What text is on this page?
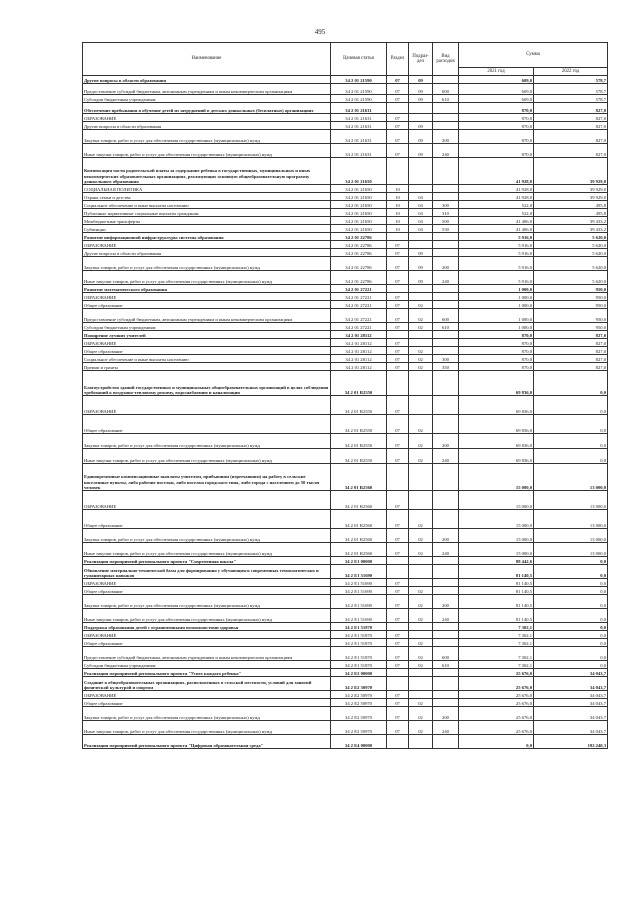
495
Наименование	Целевая статья	Раздел	Подраз-дел	Вид расходов	Сумма	
					2021 год	2022 год
Другие вопросы в области образования	34 2 01 21590	07	09		609,0	578,7
Предоставление субсидий бюджетным, автономным учреждениям и иным некоммерческим организациям	34 2 01 21590	07	09	600	609,0	578,7
Субсидии бюджетным учреждениям	34 2 01 21590	07	09	610	609,0	578,7
Обеспечение пребывания в обучение детей из затруднений в детских дошкольных (бесплатных) организациях	34 2 01 21631				870,0	827,0
ОБРАЗОВАНИЕ	34 2 01 21631	07			870,0	827,0
Другие вопросы в области образования	34 2 01 21631	07	09		870,0	827,0
Закупка товаров, работ и услуг для обеспечения государственных (муниципальных) нужд	34 2 01 21631	07	09	200	870,0	827,0
Иные закупки товаров, работ и услуг для обеспечения государственных (муниципальных) нужд	34 2 01 21631	07	09	240	870,0	827,0
Компенсация части родительской платы за содержание ребенка в государственных, муниципальных и иных некоммерческих образовательных организациях, реализующих основную общеобразовательную программу дошкольного образования	34 2 01 21650				41 928,0	39 929,0
СОЦИАЛЬНАЯ ПОЛИТИКА	34 2 01 21650	10			41 928,0	39 929,0
Охрана семьи и детства	34 2 01 21650	10	04		41 928,0	39 929,0
Социальное обеспечение и иные выплаты населению	34 2 01 21650	10	04	300	522,0	495,8
Публичные нормативные социальные выплаты гражданам	34 2 01 21650	10	04	310	522,0	495,8
Межбюджетные трансферты	34 2 01 21650	10	04	500	41 406,0	39 433,2
Субвенции	34 2 01 21650	10	04	530	41 406,0	39 433,2
Развитие информационной инфраструктуры системы образования	34 2 01 22786				5 916,0	5 620,0
ОБРАЗОВАНИЕ	34 2 01 22786	07			5 916,0	5 620,0
Другие вопросы в области образования	34 2 01 22786	07	09		5 916,0	5 620,0
Закупка товаров, работ и услуг для обеспечения государственных (муниципальных) нужд	34 2 01 22786	07	09	200	5 916,0	5 620,0
Иные закупки товаров, работ и услуг для обеспечения государственных (муниципальных) нужд	34 2 01 22786	07	09	240	5 916,0	5 620,0
Развитие математического образования	34 2 01 27221				1 000,0	950,0
ОБРАЗОВАНИЕ	34 2 01 27221	07			1 000,0	950,0
Общее образование	34 2 01 27221	07	02		1 000,0	950,0
Предоставление субсидий бюджетным, автономным учреждениям и иным некоммерческим организациям	34 2 01 27221	07	02	600	1 000,0	950,0
Субсидии бюджетным учреждениям	34 2 01 27221	07	02	610	1 000,0	950,0
Поощрение лучших учителей	34 2 01 28112				870,0	827,0
ОБРАЗОВАНИЕ	34 2 01 28112	07			870,0	827,0
Общее образование	34 2 01 28112	07	02		870,0	827,0
Социальное обеспечение и иные выплаты населению	34 2 01 28112	07	02	300	870,0	827,0
Премии и гранты	34 2 01 28112	07	02	350	870,0	827,0
Благоустройство зданий государственных и муниципальных общеобразовательных организаций в целях соблюдения требований к воздушно-тепловому режиму, водоснабжению и канализации	34 2 01 R2550				69 836,0	0,0
ОБРАЗОВАНИЕ	34 2 01 R2550	07			69 836,0	0,0
Общее образование	34 2 01 R2550	07	02		69 836,0	0,0
Закупка товаров, работ и услуг для обеспечения государственных (муниципальных) нужд	34 2 01 R2550	07	02	200	69 836,0	0,0
Иные закупки товаров, работ и услуг для обеспечения государственных (муниципальных) нужд	34 2 01 R2550	07	02	240	69 836,0	0,0
Единовременные компенсационные выплаты учителям, прибывшим (переехавшим) на работу в сельские населенные пункты, либо рабочие поселки, либо поселки городского типа, либо города с населением до 50 тысяч человек	34 2 01 R2560				15 000,0	13 000,0
ОБРАЗОВАНИЕ	34 2 01 R2560	07			15 000,0	13 000,0
Общее образование	34 2 01 R2560	07	02		15 000,0	13 000,0
Закупка товаров, работ и услуг для обеспечения государственных (муниципальных) нужд	34 2 01 R2560	07	02	200	15 000,0	13 000,0
Иные закупки товаров, работ и услуг для обеспечения государственных (муниципальных) нужд	34 2 01 R2560	07	02	240	15 000,0	13 000,0
Реализация мероприятий регионального проекта "Современная школа"	34 2 E1 00000				88 442,6	0,0
Обновление материально-технической базы для формирования у обучающихся современных технологических и гуманитарных навыков	34 2 E1 51690				81 140,5	0,0
ОБРАЗОВАНИЕ	34 2 E1 51690	07			81 140,5	0,0
Общее образование	34 2 E1 51690	07	02		81 140,5	0,0
Закупка товаров, работ и услуг для обеспечения государственных (муниципальных) нужд	34 2 E1 51690	07	02	200	81 140,5	0,0
Иные закупки товаров, работ и услуг для обеспечения государственных (муниципальных) нужд	34 2 E1 51690	07	02	240	81 140,5	0,0
Поддержка образования детей с ограниченными возможностями здоровья	34 2 E1 51870				7 302,1	0,0
ОБРАЗОВАНИЕ	34 2 E1 51870	07			7 302,1	0,0
Общее образование	34 2 E1 51870	07	02		7 302,1	0,0
Предоставление субсидий бюджетным, автономным учреждениям и иным некоммерческим организациям	34 2 E1 51870	07	02	600	7 302,1	0,0
Субсидии бюджетным учреждениям	34 2 E1 51870	07	02	610	7 302,1	0,0
Реализация мероприятий регионального проекта "Успех каждого ребенка"	34 2 E2 00000				25 676,0	34 043,7
Создание в общеобразовательных организациях, расположенных в сельской местности, условий для занятий физической культурой и спортом	34 2 E2 50970				25 676,0	34 043,7
ОБРАЗОВАНИЕ	34 2 E2 50970	07			25 676,0	34 043,7
Общее образование	34 2 E2 50970	07	02		25 676,0	34 043,7
Закупка товаров, работ и услуг для обеспечения государственных (муниципальных) нужд	34 2 E2 50970	07	02	200	25 676,0	34 043,7
Иные закупки товаров, работ и услуг для обеспечения государственных (муниципальных) нужд	34 2 E2 50970	07	02	240	25 676,0	34 043,7
Реализация мероприятий регионального проекта "Цифровая образовательная среда"	34 2 E4 00000				0,0	192 240,3
